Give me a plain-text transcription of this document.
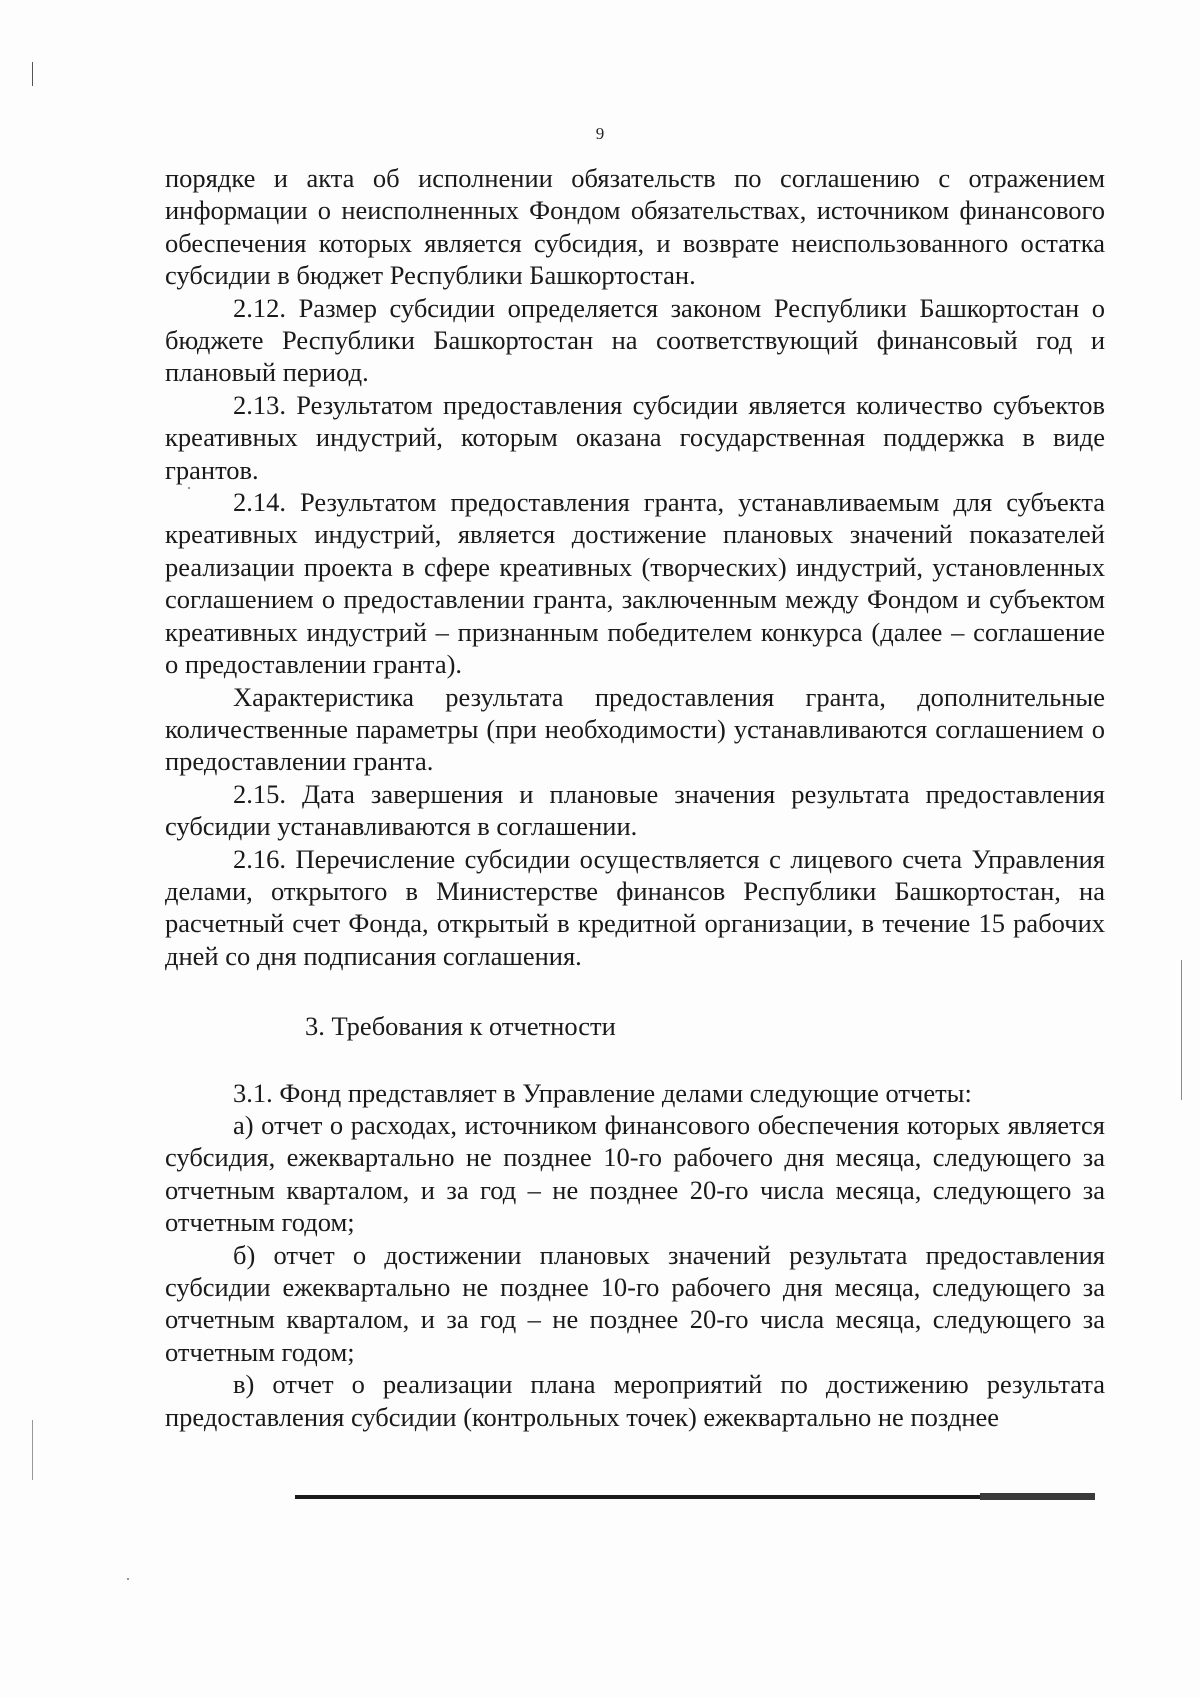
9

порядке и акта об исполнении обязательств по соглашению с отражением информации о неисполненных Фондом обязательствах, источником финансового обеспечения которых является субсидия, и возврате неиспользованного остатка субсидии в бюджет Республики Башкортостан.

2.12. Размер субсидии определяется законом Республики Башкортостан о бюджете Республики Башкортостан на соответствующий финансовый год и плановый период.

2.13. Результатом предоставления субсидии является количество субъектов креативных индустрий, которым оказана государственная поддержка в виде грантов.

2.14. Результатом предоставления гранта, устанавливаемым для субъекта креативных индустрий, является достижение плановых значений показателей реализации проекта в сфере креативных (творческих) индустрий, установленных соглашением о предоставлении гранта, заключенным между Фондом и субъектом креативных индустрий – признанным победителем конкурса (далее – соглашение о предоставлении гранта).

Характеристика результата предоставления гранта, дополнительные количественные параметры (при необходимости) устанавливаются соглашением о предоставлении гранта.

2.15. Дата завершения и плановые значения результата предоставления субсидии устанавливаются в соглашении.

2.16. Перечисление субсидии осуществляется с лицевого счета Управления делами, открытого в Министерстве финансов Республики Башкортостан, на расчетный счет Фонда, открытый в кредитной организации, в течение 15 рабочих дней со дня подписания соглашения.

3. Требования к отчетности

3.1. Фонд представляет в Управление делами следующие отчеты:

а) отчет о расходах, источником финансового обеспечения которых является субсидия, ежеквартально не позднее 10-го рабочего дня месяца, следующего за отчетным кварталом, и за год – не позднее 20-го числа месяца, следующего за отчетным годом;

б) отчет о достижении плановых значений результата предоставления субсидии ежеквартально не позднее 10-го рабочего дня месяца, следующего за отчетным кварталом, и за год – не позднее 20-го числа месяца, следующего за отчетным годом;

в) отчет о реализации плана мероприятий по достижению результата предоставления субсидии (контрольных точек) ежеквартально не позднее
